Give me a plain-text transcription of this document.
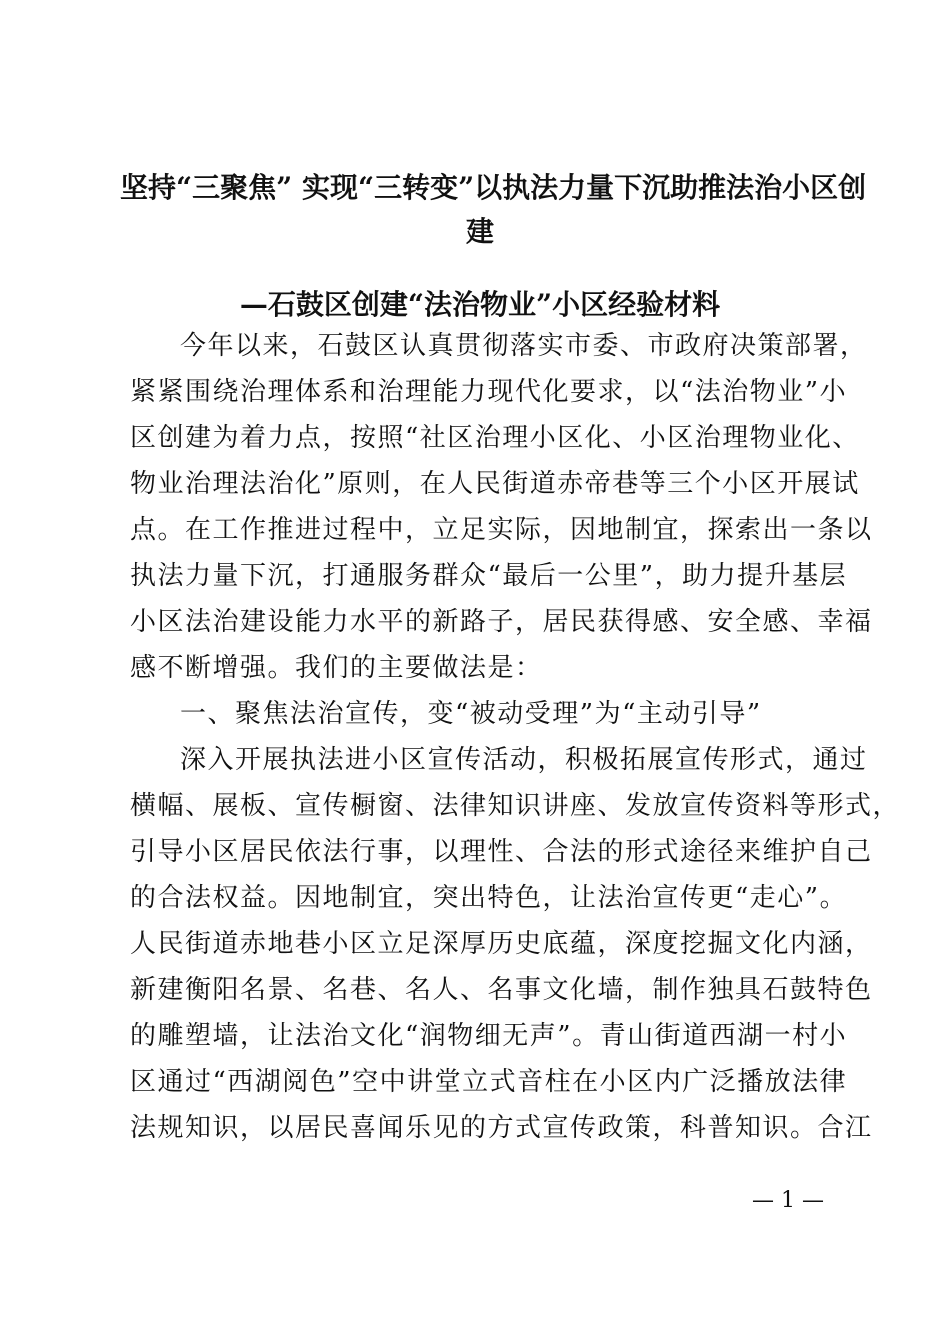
坚持“三聚焦” 实现“三转变”以执法力量下沉助推法治小区创
建
—石鼓区创建“法治物业”小区经验材料
今年以来，石鼓区认真贯彻落实市委、市政府决策部署，
紧紧围绕治理体系和治理能力现代化要求，以“法治物业”小
区创建为着力点，按照“社区治理小区化、小区治理物业化、
物业治理法治化”原则，在人民街道赤帝巷等三个小区开展试
点。在工作推进过程中，立足实际，因地制宜，探索出一条以
执法力量下沉，打通服务群众“最后一公里”，助力提升基层
小区法治建设能力水平的新路子，居民获得感、安全感、幸福
感不断增强。我们的主要做法是：
一、聚焦法治宣传，变“被动受理”为“主动引导”
深入开展执法进小区宣传活动，积极拓展宣传形式，通过
横幅、展板、宣传橱窗、法律知识讲座、发放宣传资料等形式，
引导小区居民依法行事，以理性、合法的形式途径来维护自己
的合法权益。因地制宜，突出特色，让法治宣传更“走心”。
人民街道赤地巷小区立足深厚历史底蕴，深度挖掘文化内涵，
新建衡阳名景、名巷、名人、名事文化墙，制作独具石鼓特色
的雕塑墙，让法治文化“润物细无声”。青山街道西湖一村小
区通过“西湖阅色”空中讲堂立式音柱在小区内广泛播放法律
法规知识，以居民喜闻乐见的方式宣传政策，科普知识。合江
— 1 —
